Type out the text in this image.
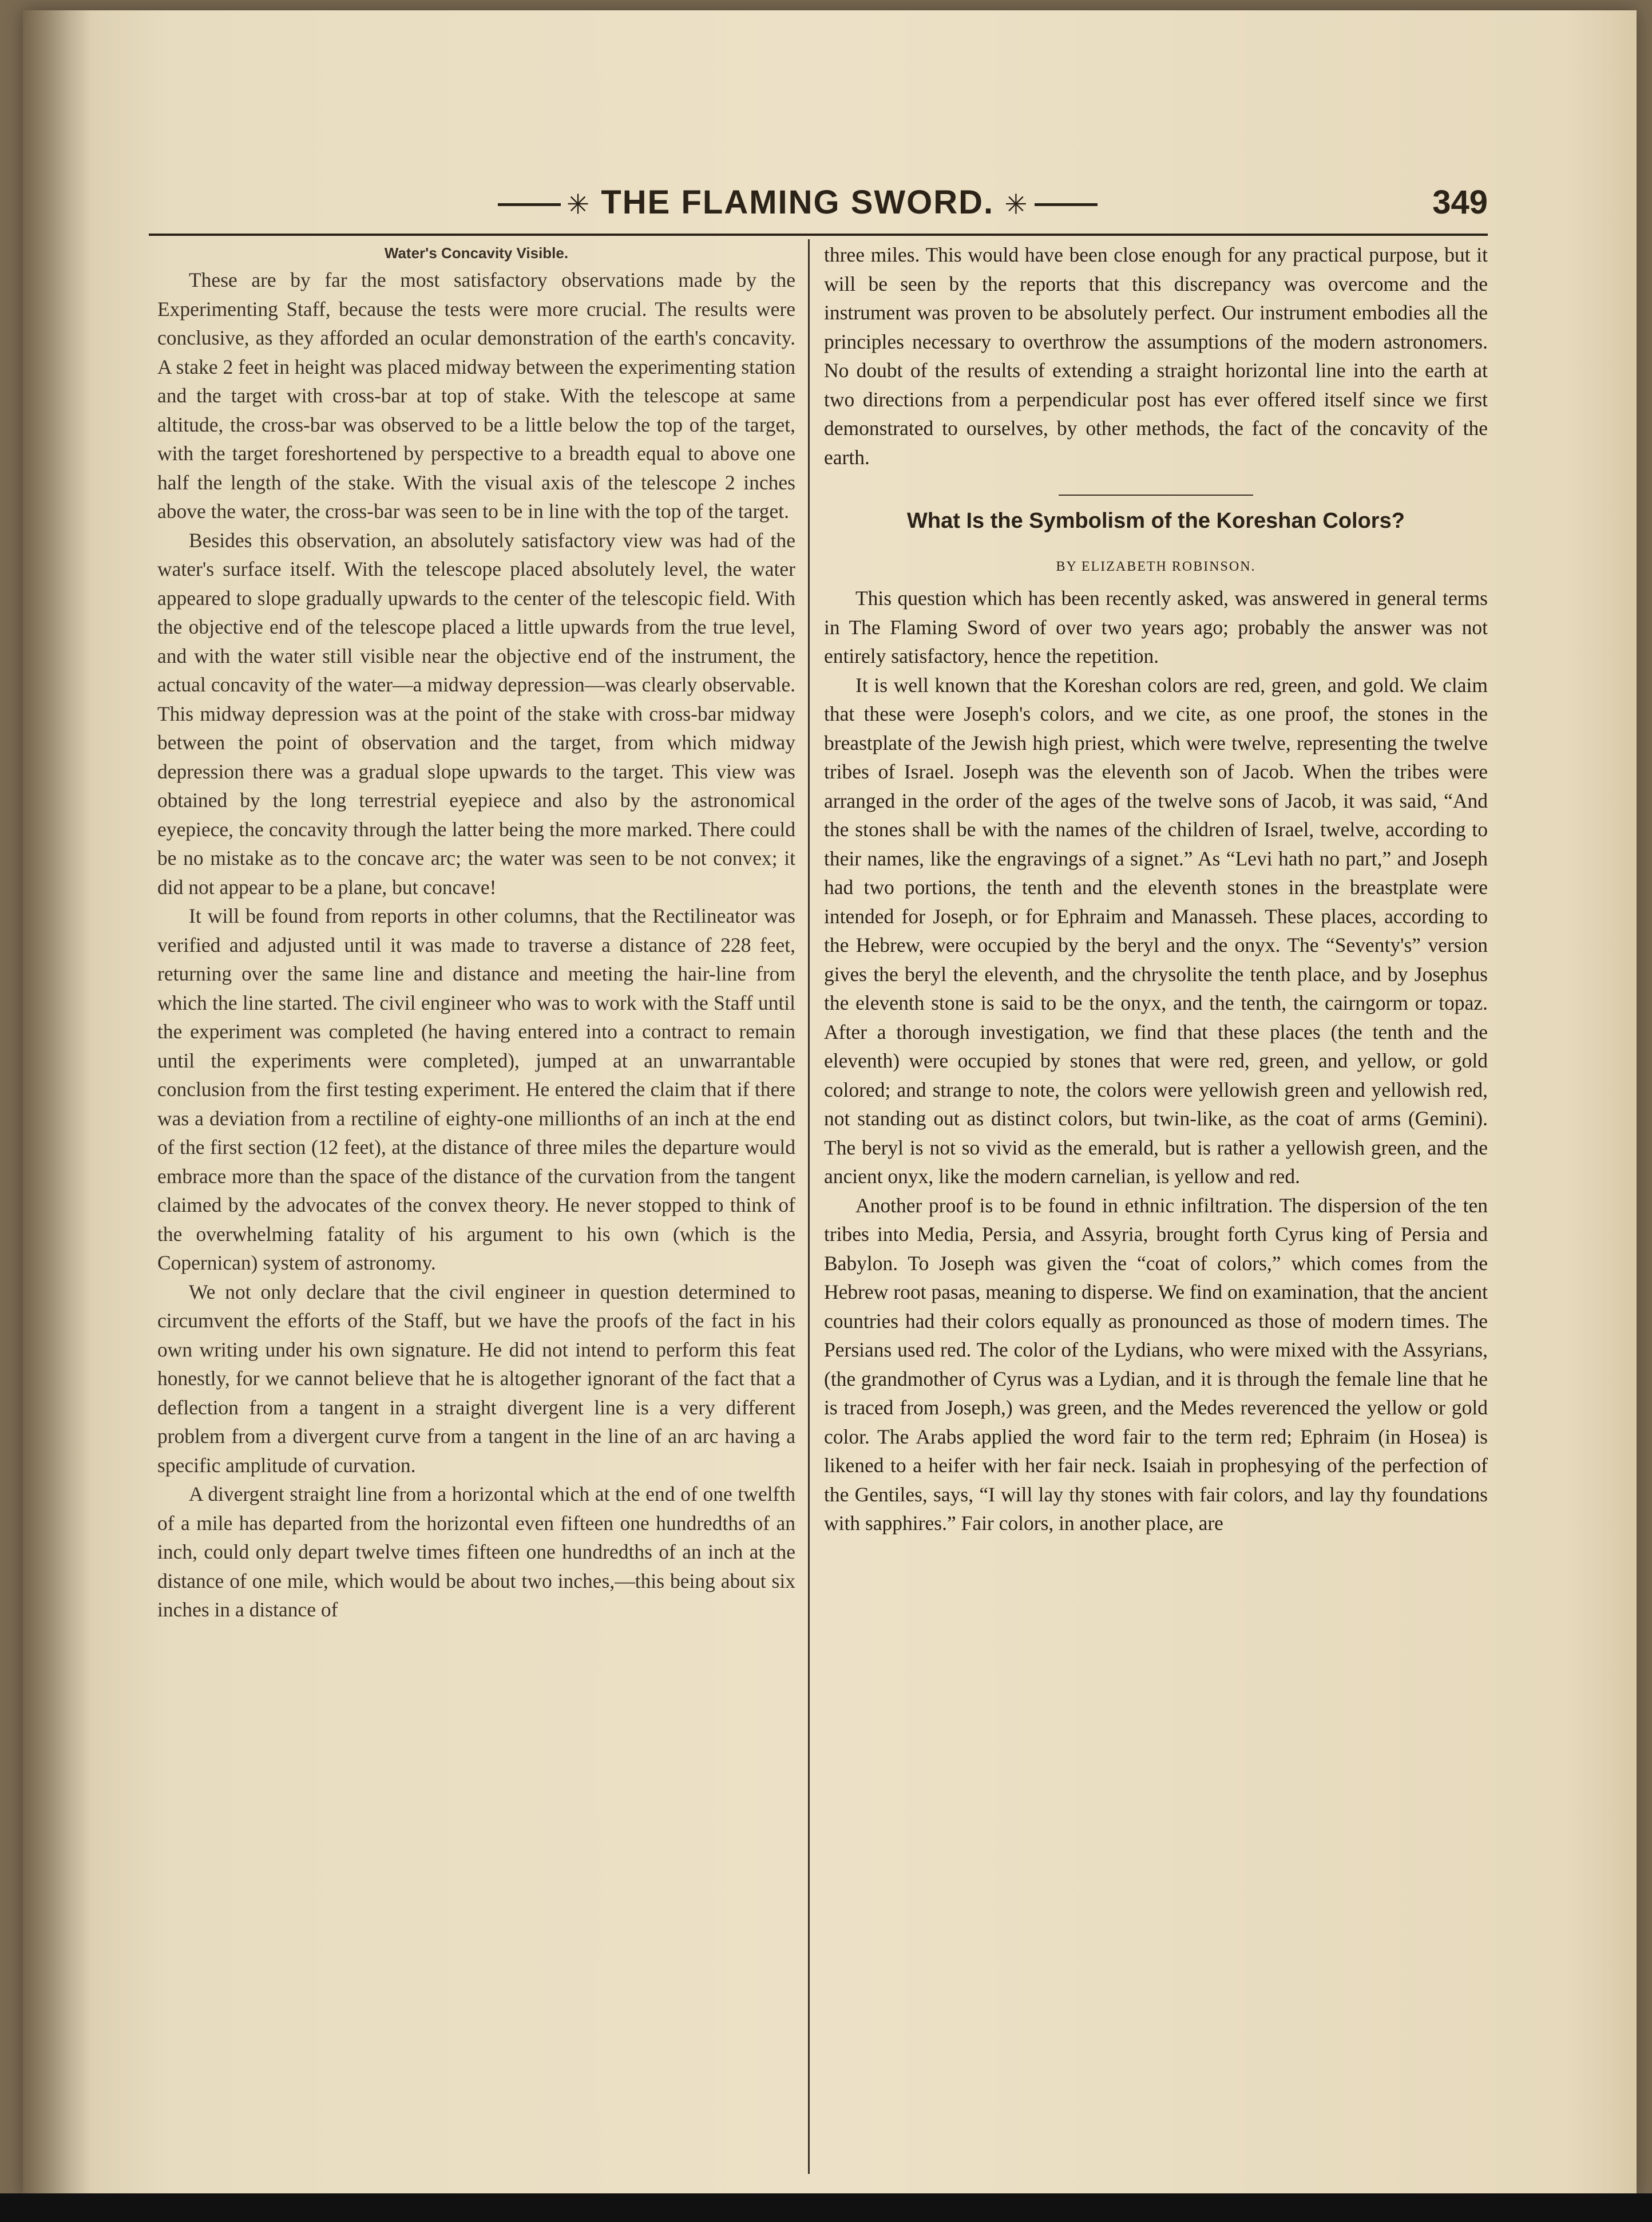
✳ THE FLAMING SWORD. ✳	349
Water's Concavity Visible.

These are by far the most satisfactory observations made by the Experimenting Staff, because the tests were more crucial. The results were conclusive, as they afforded an ocular demonstration of the earth's concavity. A stake 2 feet in height was placed midway between the experimenting station and the target with cross-bar at top of stake. With the telescope at same altitude, the cross-bar was observed to be a little below the top of the target, with the target foreshortened by perspective to a breadth equal to above one half the length of the stake. With the visual axis of the telescope 2 inches above the water, the cross-bar was seen to be in line with the top of the target.

Besides this observation, an absolutely satisfactory view was had of the water's surface itself. With the telescope placed absolutely level, the water appeared to slope gradually upwards to the center of the telescopic field. With the objective end of the telescope placed a little upwards from the true level, and with the water still visible near the objective end of the instrument, the actual concavity of the water—a midway depression—was clearly observable. This midway depression was at the point of the stake with cross-bar midway between the point of observation and the target, from which midway depression there was a gradual slope upwards to the target. This view was obtained by the long terrestrial eyepiece and also by the astronomical eyepiece, the concavity through the latter being the more marked. There could be no mistake as to the concave arc; the water was seen to be not convex; it did not appear to be a plane, but concave!

It will be found from reports in other columns, that the Rectilineator was verified and adjusted until it was made to traverse a distance of 228 feet, returning over the same line and distance and meeting the hair-line from which the line started. The civil engineer who was to work with the Staff until the experiment was completed (he having entered into a contract to remain until the experiments were completed), jumped at an unwarrantable conclusion from the first testing experiment. He entered the claim that if there was a deviation from a rectiline of eighty-one millionths of an inch at the end of the first section (12 feet), at the distance of three miles the departure would embrace more than the space of the distance of the curvation from the tangent claimed by the advocates of the convex theory. He never stopped to think of the overwhelming fatality of his argument to his own (which is the Copernican) system of astronomy.

We not only declare that the civil engineer in question determined to circumvent the efforts of the Staff, but we have the proofs of the fact in his own writing under his own signature. He did not intend to perform this feat honestly, for we cannot believe that he is altogether ignorant of the fact that a deflection from a tangent in a straight divergent line is a very different problem from a divergent curve from a tangent in the line of an arc having a specific amplitude of curvation.

A divergent straight line from a horizontal which at the end of one twelfth of a mile has departed from the horizontal even fifteen one hundredths of an inch, could only depart twelve times fifteen one hundredths of an inch at the distance of one mile, which would be about two inches,—this being about six inches in a distance of

three miles. This would have been close enough for any practical purpose, but it will be seen by the reports that this discrepancy was overcome and the instrument was proven to be absolutely perfect. Our instrument embodies all the principles necessary to overthrow the assumptions of the modern astronomers. No doubt of the results of extending a straight horizontal line into the earth at two directions from a perpendicular post has ever offered itself since we first demonstrated to ourselves, by other methods, the fact of the concavity of the earth.

What Is the Symbolism of the Koreshan Colors?
BY ELIZABETH ROBINSON.

This question which has been recently asked, was answered in general terms in The Flaming Sword of over two years ago; probably the answer was not entirely satisfactory, hence the repetition.

It is well known that the Koreshan colors are red, green, and gold. We claim that these were Joseph's colors, and we cite, as one proof, the stones in the breastplate of the Jewish high priest, which were twelve, representing the twelve tribes of Israel. Joseph was the eleventh son of Jacob. When the tribes were arranged in the order of the ages of the twelve sons of Jacob, it was said, “And the stones shall be with the names of the children of Israel, twelve, according to their names, like the engravings of a signet.” As “Levi hath no part,” and Joseph had two portions, the tenth and the eleventh stones in the breastplate were intended for Joseph, or for Ephraim and Manasseh. These places, according to the Hebrew, were occupied by the beryl and the onyx. The “Seventy's” version gives the beryl the eleventh, and the chrysolite the tenth place, and by Josephus the eleventh stone is said to be the onyx, and the tenth, the cairngorm or topaz. After a thorough investigation, we find that these places (the tenth and the eleventh) were occupied by stones that were red, green, and yellow, or gold colored; and strange to note, the colors were yellowish green and yellowish red, not standing out as distinct colors, but twin-like, as the coat of arms (Gemini). The beryl is not so vivid as the emerald, but is rather a yellowish green, and the ancient onyx, like the modern carnelian, is yellow and red.

Another proof is to be found in ethnic infiltration. The dispersion of the ten tribes into Media, Persia, and Assyria, brought forth Cyrus king of Persia and Babylon. To Joseph was given the “coat of colors,” which comes from the Hebrew root pasas, meaning to disperse. We find on examination, that the ancient countries had their colors equally as pronounced as those of modern times. The Persians used red. The color of the Lydians, who were mixed with the Assyrians, (the grandmother of Cyrus was a Lydian, and it is through the female line that he is traced from Joseph,) was green, and the Medes reverenced the yellow or gold color. The Arabs applied the word fair to the term red; Ephraim (in Hosea) is likened to a heifer with her fair neck. Isaiah in prophesying of the perfection of the Gentiles, says, “I will lay thy stones with fair colors, and lay thy foundations with sapphires.” Fair colors, in another place, are
